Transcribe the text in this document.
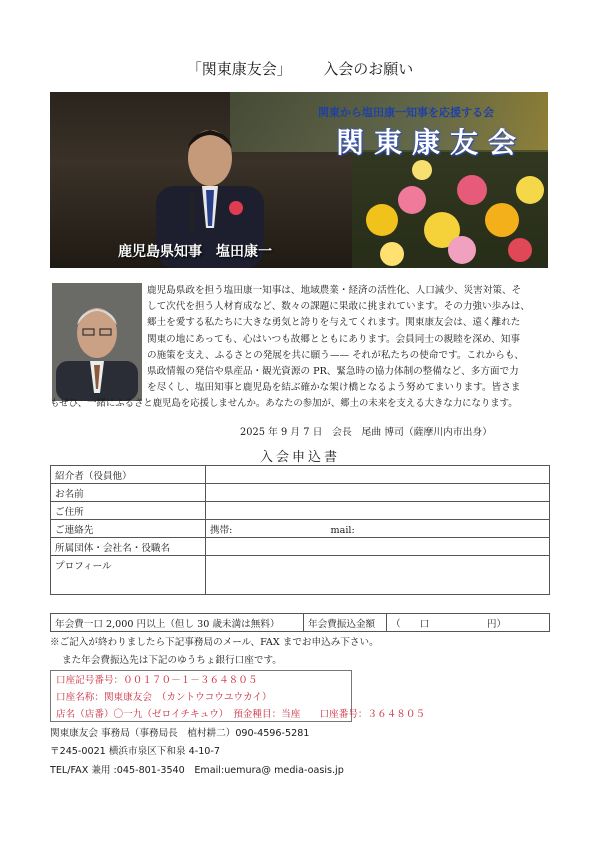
「関東康友会」 入会のお願い
関東から塩田康一知事を応援する会
関東康友会
鹿児島県知事　塩田康一

鹿児島県政を担う塩田康一知事は、地域農業・経済の活性化、人口減少、災害対策、そ

して次代を担う人材育成など、数々の課題に果敢に挑まれています。その力強い歩みは、

郷土を愛する私たちに大きな勇気と誇りを与えてくれます。関東康友会は、遠く離れた

関東の地にあっても、心はいつも故郷とともにあります。会員同士の親睦を深め、知事

の施策を支え、ふるさとの発展を共に願う—— それが私たちの使命です。これからも、

県政情報の発信や県産品・観光資源の PR、緊急時の協力体制の整備など、多方面で力

を尽くし、塩田知事と鹿児島を結ぶ確かな架け橋となるよう努めてまいります。皆さま

もぜひ、一緒にふるさと鹿児島を応援しませんか。あなたの参加が、郷土の未来を支える大きな力になります。

2025 年 9 月 7 日　会長　尾曲 博司（薩摩川内市出身）
入会申込書
紹介者（役員他）	
お名前	
ご住所	
ご連絡先	携帯: mail:
所属団体・会社名・役職名	
プロフィール	
年会費一口 2,000 円以上（但し 30 歳未満は無料）	年会費振込金額	（　　口　　　　　　円）
※ご記入が終わりましたら下記事務局のメール、FAX までお申込み下さい。
また年会費振込先は下記のゆうちょ銀行口座です。
口座記号番号：００１７０－１－３６４８０５
口座名称：関東康友会　（カントウコウユウカイ）
店名（店番）〇一九（ゼロイチキュウ）　預金種目：当座　　口座番号：３６４８０５
関東康友会 事務局（事務局長　植村耕二）090-4596-5281
〒245-0021 横浜市泉区下和泉 4-10-7
TEL/FAX 兼用 :045-801-3540　Email:uemura@ media-oasis.jp
